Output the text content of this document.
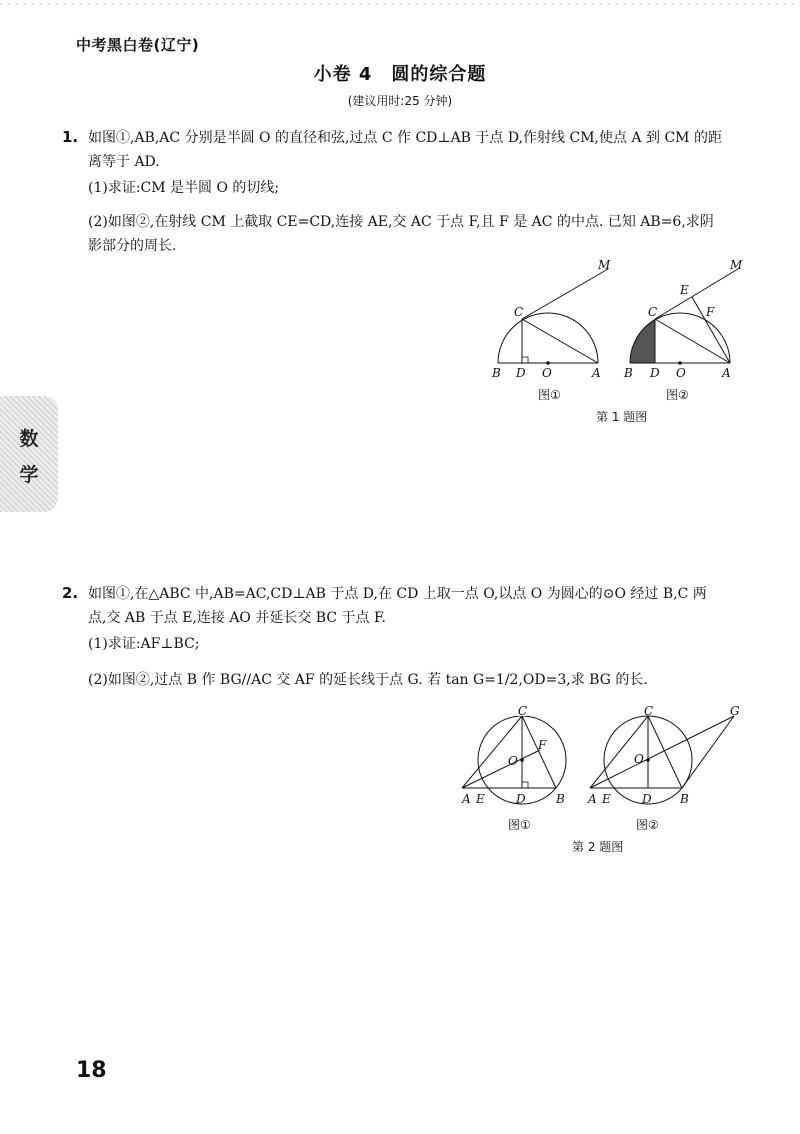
中考黑白卷(辽宁)
小卷 4　圆的综合题
(建议用时:25 分钟)
数
学
1. 如图①,AB,AC 分别是半圆 O 的直径和弦,过点 C 作 CD⊥AB 于点 D,作射线 CM,使点 A 到 CM 的距
离等于 AD.
(1)求证:CM 是半圆 O 的切线;
(2)如图②,在射线 CM 上截取 CE=CD,连接 AE,交 AC 于点 F,且 F 是 AC 的中点. 已知 AB=6,求阴
影部分的周长.
M
C
B D O	A
图①
M
E
F
C
B D O	A
图②
第 1 题图
2. 如图①,在△ABC 中,AB=AC,CD⊥AB 于点 D,在 CD 上取一点 O,以点 O 为圆心的⊙O 经过 B,C 两
点,交 AB 于点 E,连接 AO 并延长交 BC 于点 F.
(1)求证:AF⊥BC;
(2)如图②,过点 B 作 BG//AC 交 AF 的延长线于点 G. 若 tan G=1/2,OD=3,求 BG 的长.
C
F
O
A E	D	B
图①
C	G
O
A E	D B
图②
第 2 题图
18
